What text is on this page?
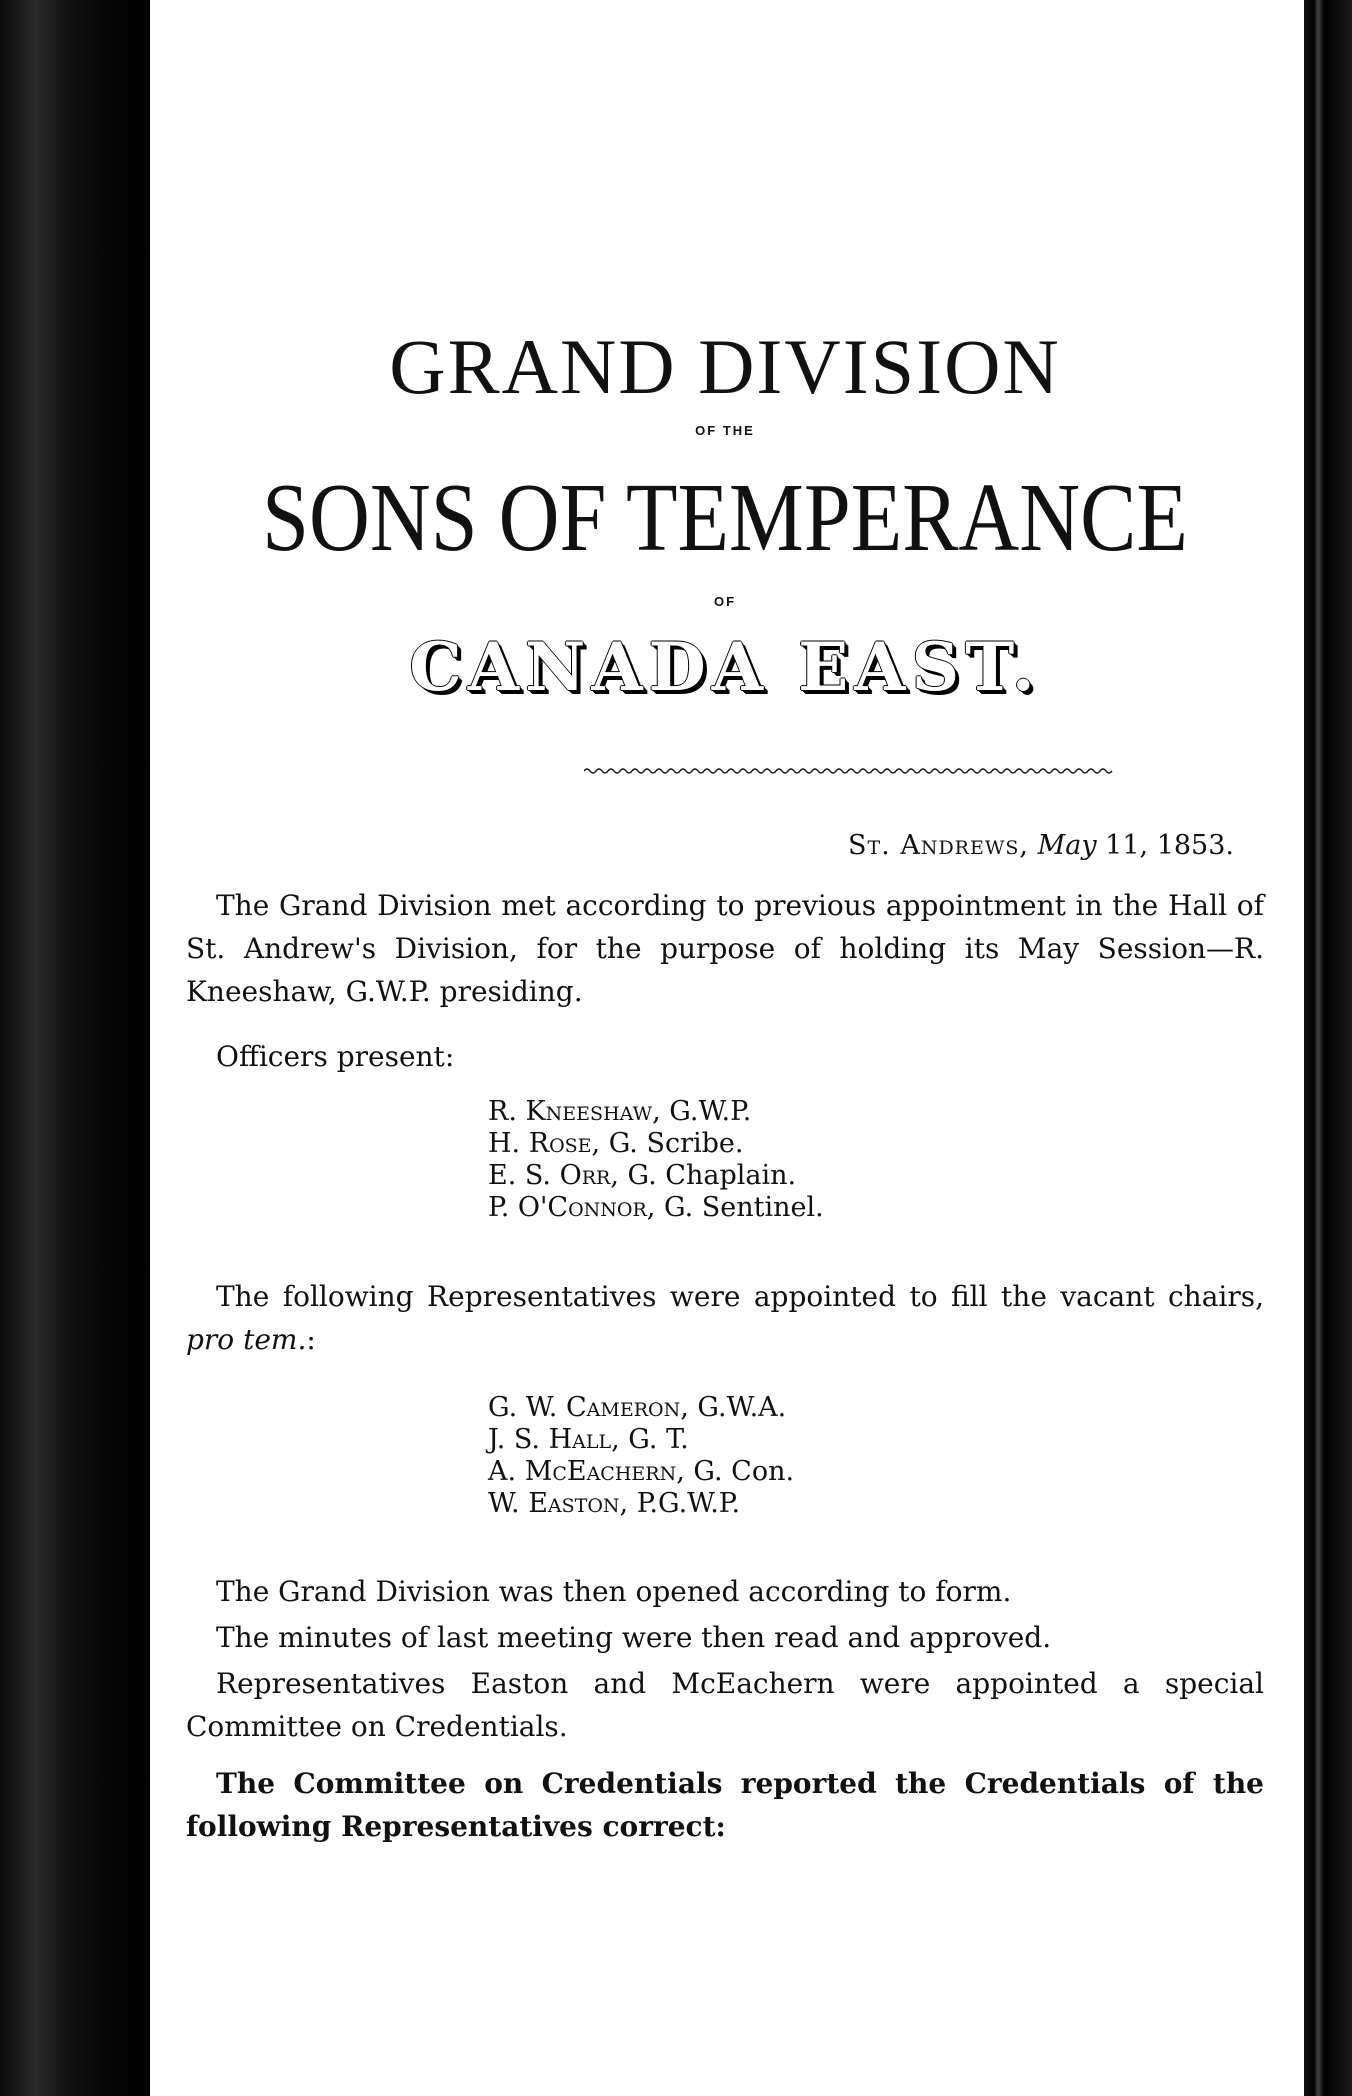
GRAND DIVISION
OF THE
SONS OF TEMPERANCE
OF
CANADA EAST.
St. Andrews, May 11, 1853.
The Grand Division met according to previous appointment in the Hall of St. Andrew's Division, for the purpose of holding its May Session—R. Kneeshaw, G.W.P. presiding.
Officers present:
R. Kneeshaw, G.W.P.
H. Rose, G. Scribe.
E. S. Orr, G. Chaplain.
P. O'Connor, G. Sentinel.
The following Representatives were appointed to fill the vacant chairs, pro tem.:
G. W. Cameron, G.W.A.
J. S. Hall, G. T.
A. McEachern, G. Con.
W. Easton, P.G.W.P.
The Grand Division was then opened according to form.
The minutes of last meeting were then read and approved.
Representatives Easton and McEachern were appointed a special Committee on Credentials.
The Committee on Credentials reported the Credentials of the following Representatives correct:
